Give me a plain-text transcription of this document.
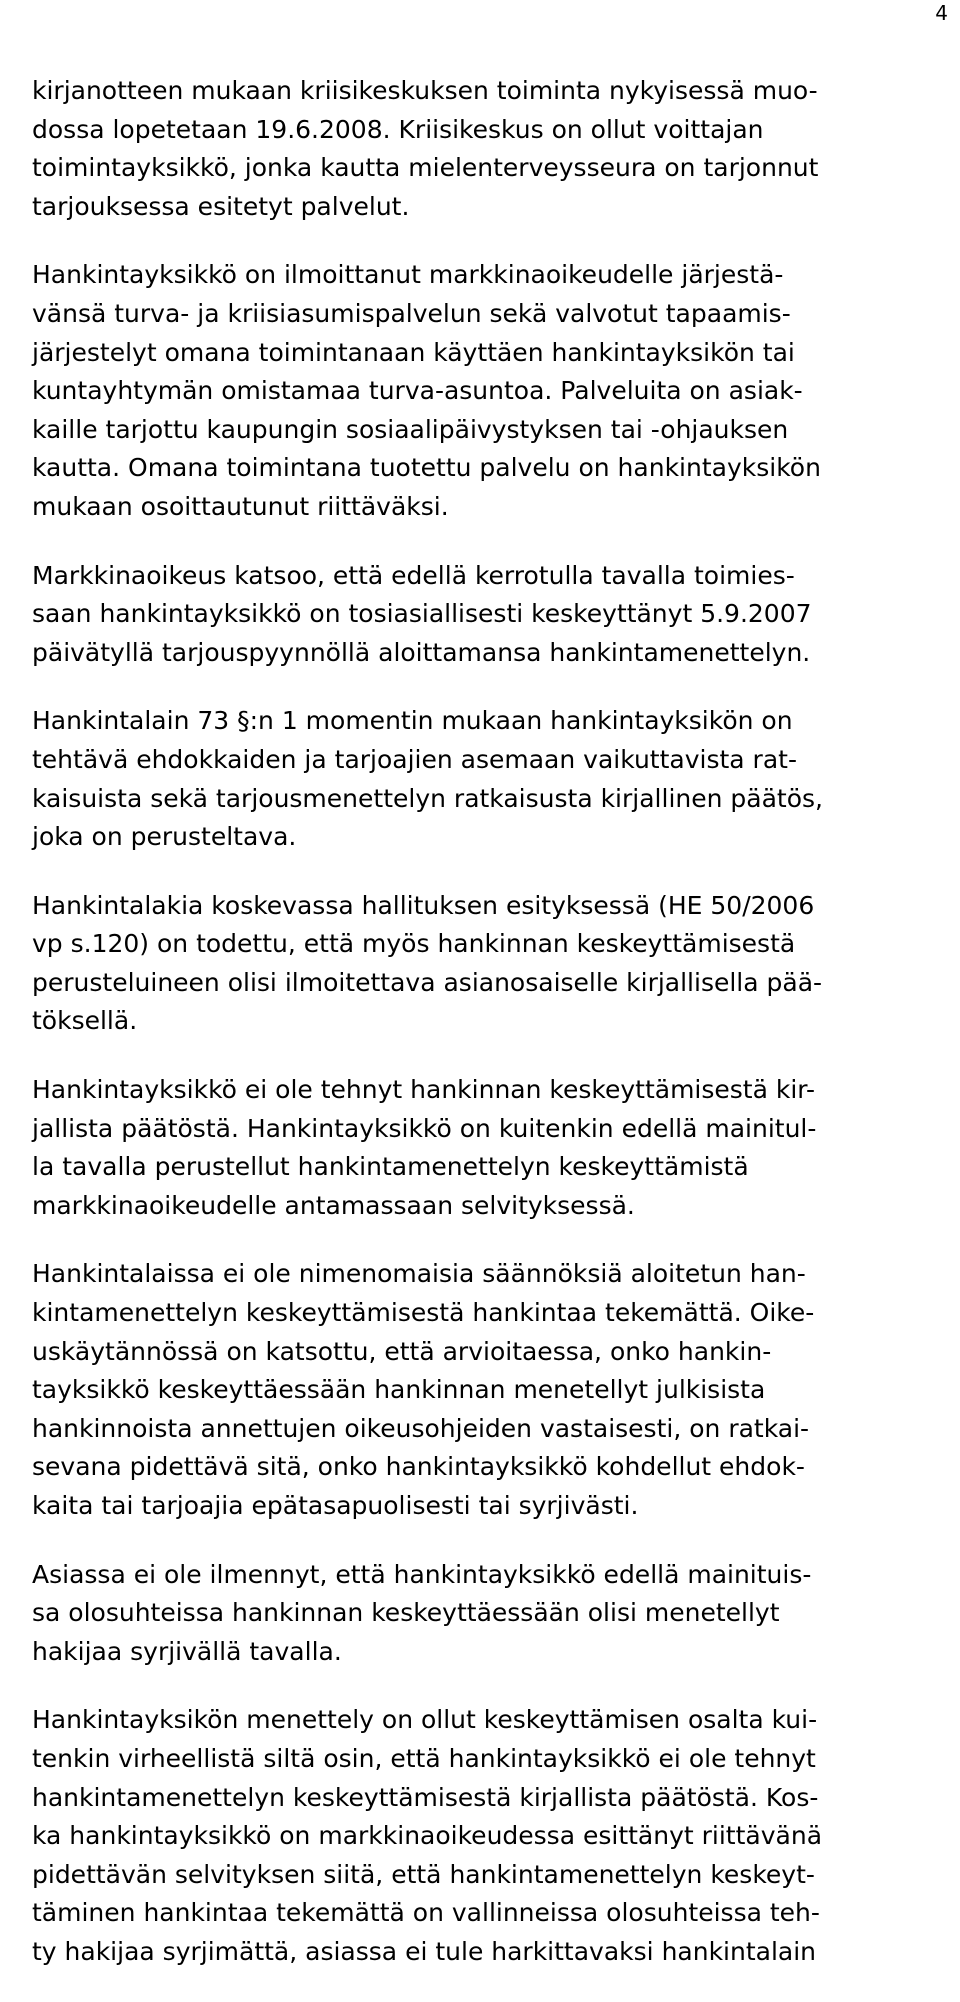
4
kirjanotteen mukaan kriisikeskuksen toiminta nykyisessä muo-
dossa lopetetaan 19.6.2008. Kriisikeskus on ollut voittajan
toimintayksikkö, jonka kautta mielenterveysseura on tarjonnut
tarjouksessa esitetyt palvelut.
Hankintayksikkö on ilmoittanut markkinaoikeudelle järjestä-
vänsä turva- ja kriisiasumispalvelun sekä valvotut tapaamis-
järjestelyt omana toimintanaan käyttäen hankintayksikön tai
kuntayhtymän omistamaa turva-asuntoa. Palveluita on asiak-
kaille tarjottu kaupungin sosiaalipäivystyksen tai -ohjauksen
kautta. Omana toimintana tuotettu palvelu on hankintayksikön
mukaan osoittautunut riittäväksi.
Markkinaoikeus katsoo, että edellä kerrotulla tavalla toimies-
saan hankintayksikkö on tosiasiallisesti keskeyttänyt 5.9.2007
päivätyllä tarjouspyynnöllä aloittamansa hankintamenettelyn.
Hankintalain 73 §:n 1 momentin mukaan hankintayksikön on
tehtävä ehdokkaiden ja tarjoajien asemaan vaikuttavista rat-
kaisuista sekä tarjousmenettelyn ratkaisusta kirjallinen päätös,
joka on perusteltava.
Hankintalakia koskevassa hallituksen esityksessä (HE 50/2006
vp s.120) on todettu, että myös hankinnan keskeyttämisestä
perusteluineen olisi ilmoitettava asianosaiselle kirjallisella pää-
töksellä.
Hankintayksikkö ei ole tehnyt hankinnan keskeyttämisestä kir-
jallista päätöstä. Hankintayksikkö on kuitenkin edellä mainitul-
la tavalla perustellut hankintamenettelyn keskeyttämistä
markkinaoikeudelle antamassaan selvityksessä.
Hankintalaissa ei ole nimenomaisia säännöksiä aloitetun han-
kintamenettelyn keskeyttämisestä hankintaa tekemättä. Oike-
uskäytännössä on katsottu, että arvioitaessa, onko hankin-
tayksikkö keskeyttäessään hankinnan menetellyt julkisista
hankinnoista annettujen oikeusohjeiden vastaisesti, on ratkai-
sevana pidettävä sitä, onko hankintayksikkö kohdellut ehdok-
kaita tai tarjoajia epätasapuolisesti tai syrjivästi.
Asiassa ei ole ilmennyt, että hankintayksikkö edellä mainituis-
sa olosuhteissa hankinnan keskeyttäessään olisi menetellyt
hakijaa syrjivällä tavalla.
Hankintayksikön menettely on ollut keskeyttämisen osalta kui-
tenkin virheellistä siltä osin, että hankintayksikkö ei ole tehnyt
hankintamenettelyn keskeyttämisestä kirjallista päätöstä. Kos-
ka hankintayksikkö on markkinaoikeudessa esittänyt riittävänä
pidettävän selvityksen siitä, että hankintamenettelyn keskeyt-
täminen hankintaa tekemättä on vallinneissa olosuhteissa teh-
ty hakijaa syrjimättä, asiassa ei tule harkittavaksi hankintalain
